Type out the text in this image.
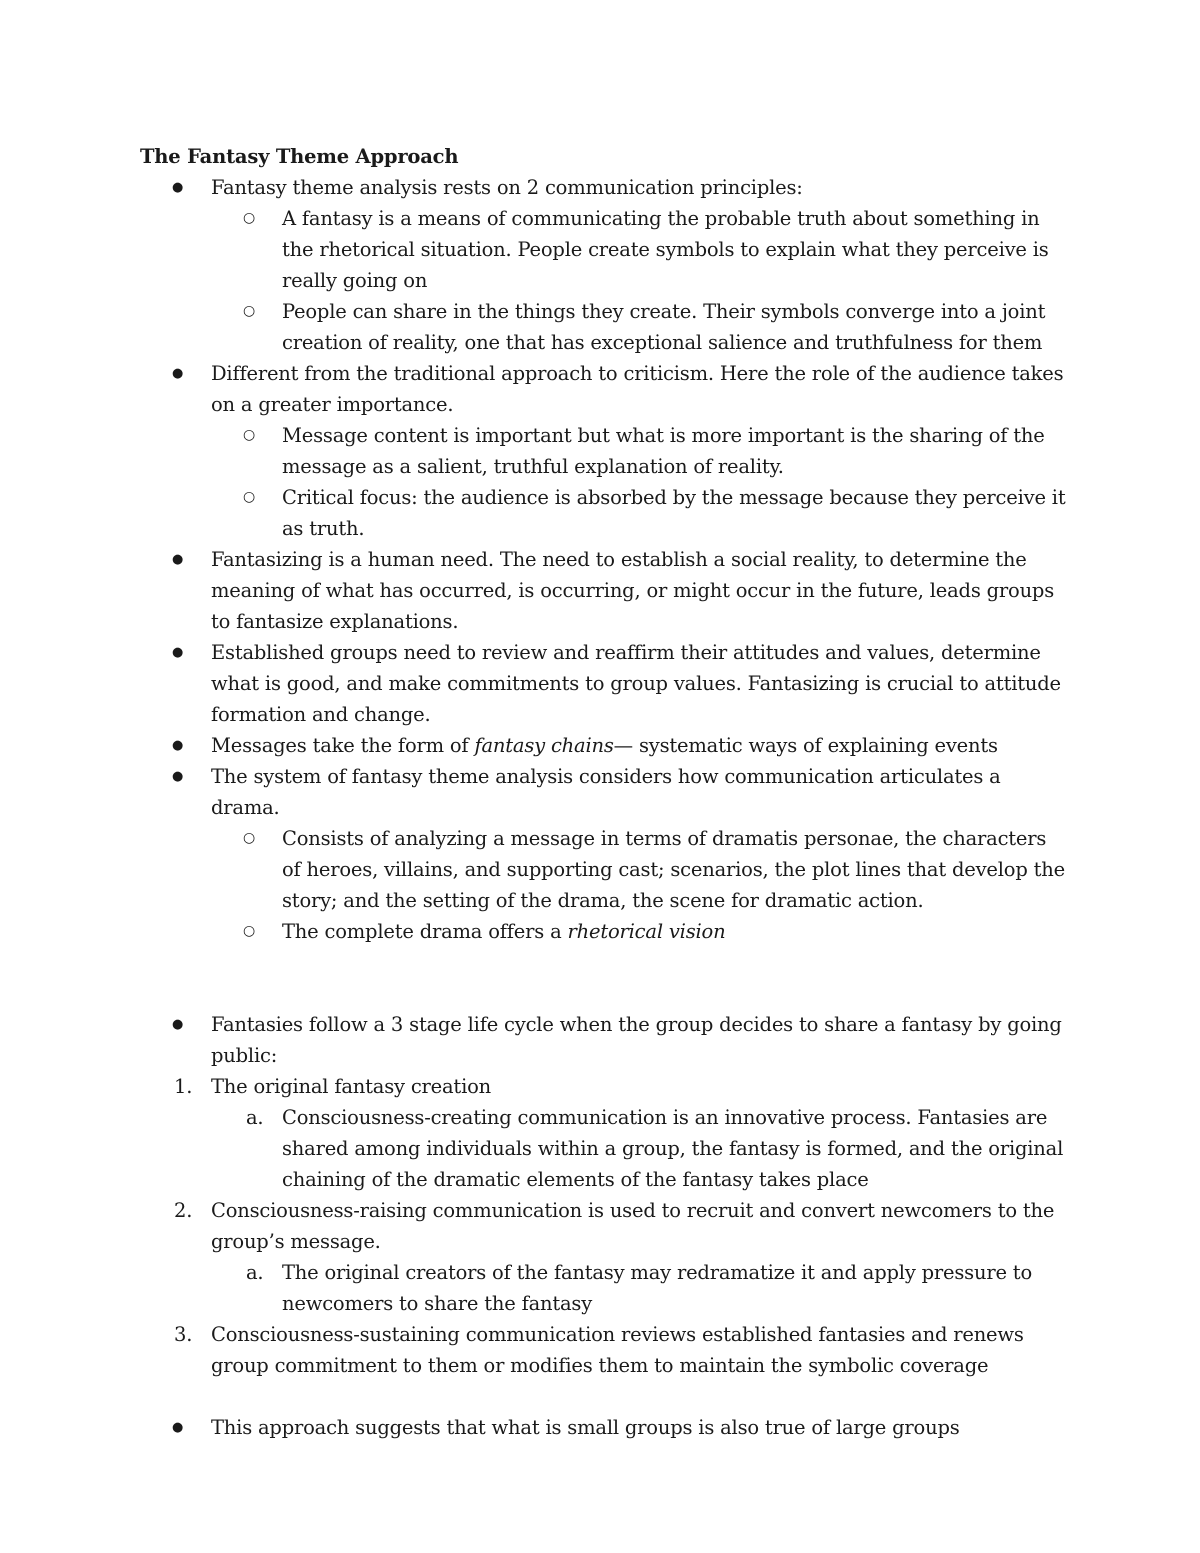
The Fantasy Theme Approach

● Fantasy theme analysis rests on 2 communication principles:
○ A fantasy is a means of communicating the probable truth about something in the rhetorical situation. People create symbols to explain what they perceive is really going on
○ People can share in the things they create. Their symbols converge into a joint creation of reality, one that has exceptional salience and truthfulness for them
● Different from the traditional approach to criticism. Here the role of the audience takes on a greater importance.
○ Message content is important but what is more important is the sharing of the message as a salient, truthful explanation of reality.
○ Critical focus: the audience is absorbed by the message because they perceive it as truth.
● Fantasizing is a human need. The need to establish a social reality, to determine the meaning of what has occurred, is occurring, or might occur in the future, leads groups to fantasize explanations.
● Established groups need to review and reaffirm their attitudes and values, determine what is good, and make commitments to group values. Fantasizing is crucial to attitude formation and change.
● Messages take the form of fantasy chains— systematic ways of explaining events
● The system of fantasy theme analysis considers how communication articulates a drama.
○ Consists of analyzing a message in terms of dramatis personae, the characters of heroes, villains, and supporting cast; scenarios, the plot lines that develop the story; and the setting of the drama, the scene for dramatic action.
○ The complete drama offers a rhetorical vision
● Fantasies follow a 3 stage life cycle when the group decides to share a fantasy by going public:
1. The original fantasy creation
a. Consciousness-creating communication is an innovative process. Fantasies are shared among individuals within a group, the fantasy is formed, and the original chaining of the dramatic elements of the fantasy takes place
2. Consciousness-raising communication is used to recruit and convert newcomers to the group’s message.
a. The original creators of the fantasy may redramatize it and apply pressure to newcomers to share the fantasy
3. Consciousness-sustaining communication reviews established fantasies and renews group commitment to them or modifies them to maintain the symbolic coverage
● This approach suggests that what is small groups is also true of large groups
